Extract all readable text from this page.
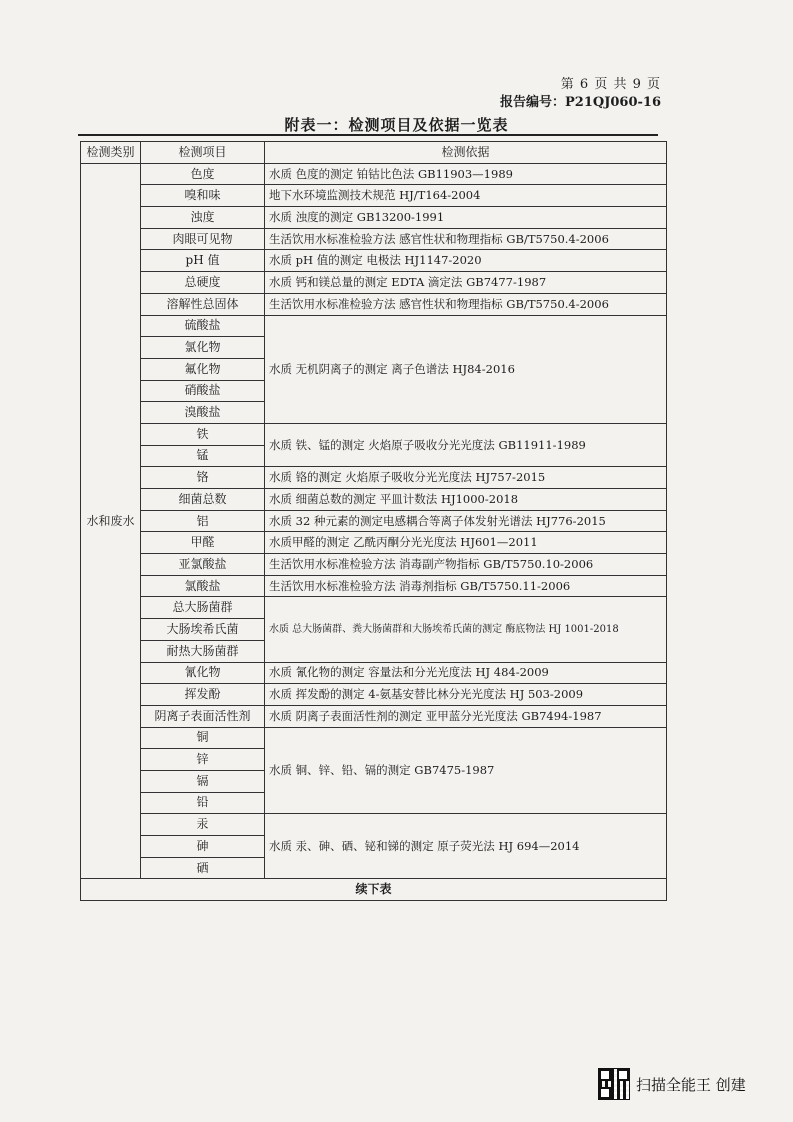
第 6 页 共 9 页
报告编号：P21QJ060-16
附表一：检测项目及依据一览表
检测类别	检测项目	检测依据
水和废水	色度	水质 色度的测定 铂钴比色法 GB11903—1989
	嗅和味	地下水环境监测技术规范 HJ/T164-2004
	浊度	水质 浊度的测定 GB13200-1991
	肉眼可见物	生活饮用水标准检验方法 感官性状和物理指标 GB/T5750.4-2006
	pH 值	水质 pH 值的测定 电极法 HJ1147-2020
	总硬度	水质 钙和镁总量的测定 EDTA 滴定法 GB7477-1987
	溶解性总固体	生活饮用水标准检验方法 感官性状和物理指标 GB/T5750.4-2006
	硫酸盐	水质 无机阴离子的测定 离子色谱法 HJ84-2016
	氯化物	
	氟化物	
	硝酸盐	
	溴酸盐	
	铁	水质 铁、锰的测定 火焰原子吸收分光光度法 GB11911-1989
	锰	
	铬	水质 铬的测定 火焰原子吸收分光光度法 HJ757-2015
	细菌总数	水质 细菌总数的测定 平皿计数法 HJ1000-2018
	铝	水质 32 种元素的测定电感耦合等离子体发射光谱法 HJ776-2015
	甲醛	水质甲醛的测定 乙酰丙酮分光光度法 HJ601—2011
	亚氯酸盐	生活饮用水标准检验方法 消毒副产物指标 GB/T5750.10-2006
	氯酸盐	生活饮用水标准检验方法 消毒剂指标 GB/T5750.11-2006
	总大肠菌群	水质 总大肠菌群、粪大肠菌群和大肠埃希氏菌的测定 酶底物法 HJ 1001-2018
	大肠埃希氏菌	
	耐热大肠菌群	
	氰化物	水质 氰化物的测定 容量法和分光光度法 HJ 484-2009
	挥发酚	水质 挥发酚的测定 4-氨基安替比林分光光度法 HJ 503-2009
	阴离子表面活性剂	水质 阴离子表面活性剂的测定 亚甲蓝分光光度法 GB7494-1987
	铜	水质 铜、锌、铅、镉的测定 GB7475-1987
	锌	
	镉	
	铅	
	汞	水质 汞、砷、硒、铋和锑的测定 原子荧光法 HJ 694—2014
	砷	
	硒	
续下表		
扫描全能王 创建
